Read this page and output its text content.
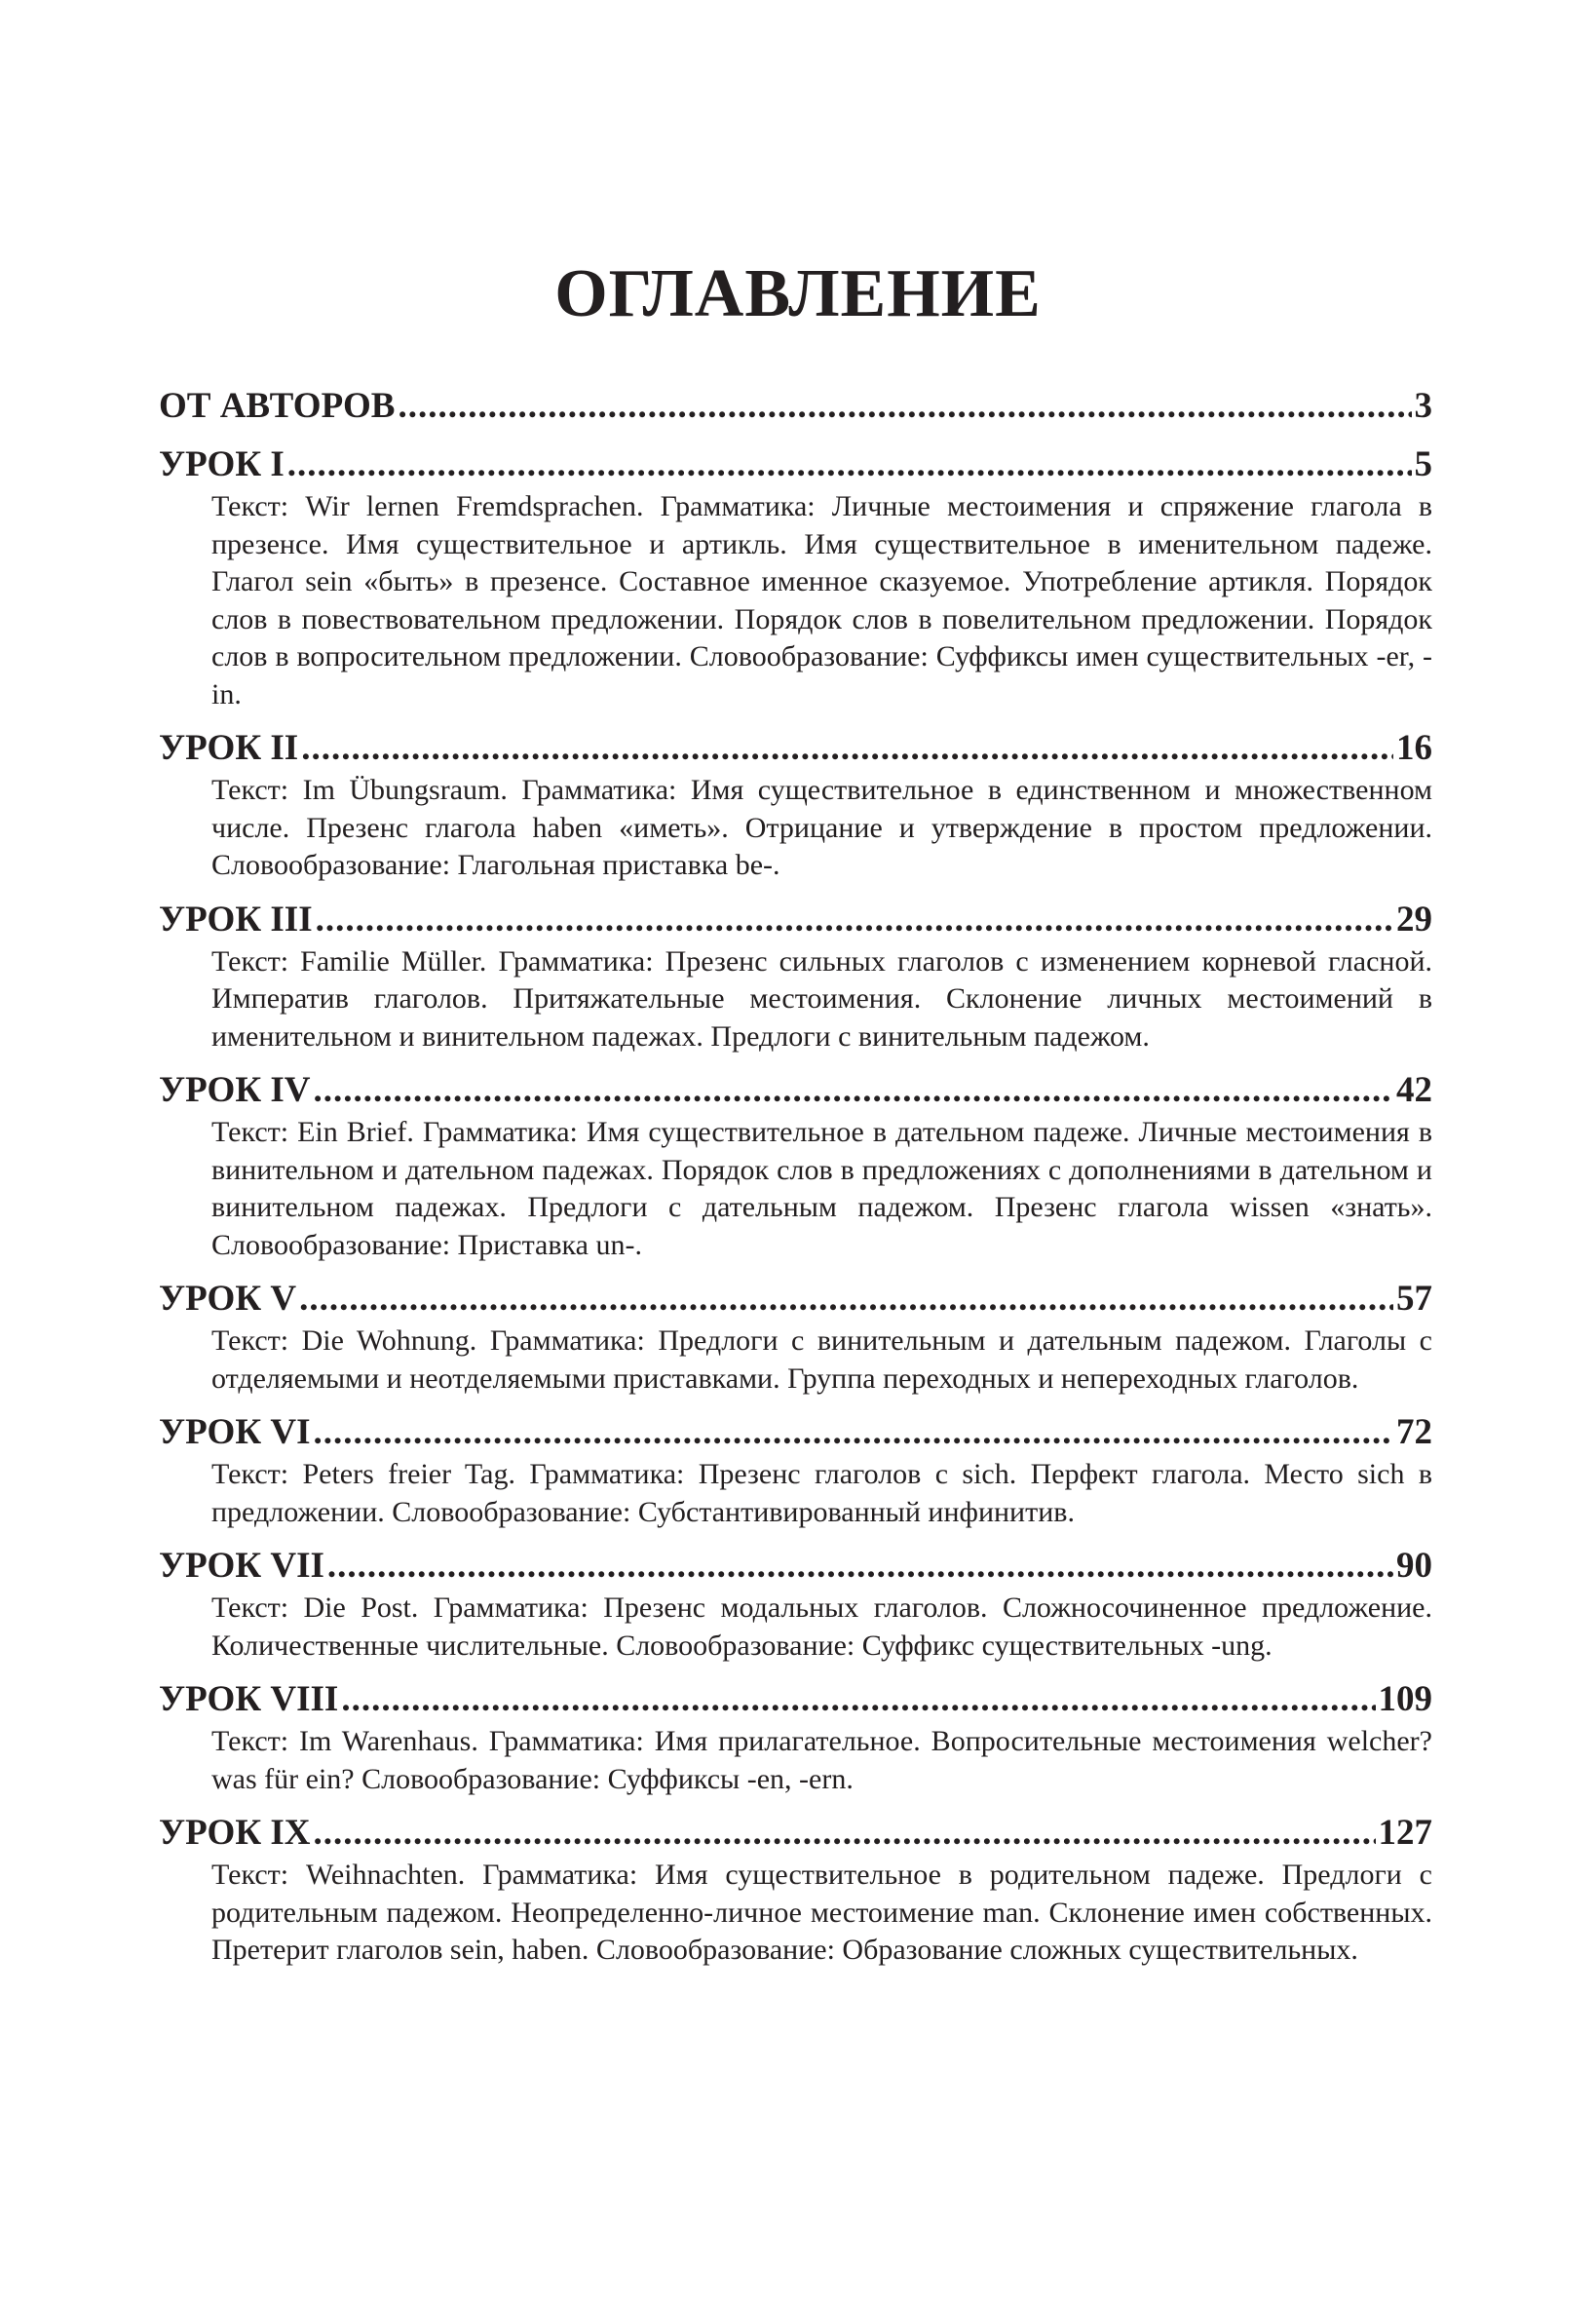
ОГЛАВЛЕНИЕ
ОТ АВТОРОВ .....	3
УРОК I .....	5
Текст: Wir lernen Fremdsprachen. Грамматика: Личные местоимения и спряжение глагола в презенсе. Имя существительное и артикль. Имя существительное в именительном падеже. Глагол sein «быть» в презенсе. Составное именное сказуемое. Употребление артикля. Порядок слов в повествовательном предложении. Порядок слов в повелительном предложении. Порядок слов в вопросительном предложении. Словообразование: Суффиксы имен существительных -er, -in.
УРОК II .....	16
Текст: Im Übungsraum. Грамматика: Имя существительное в единственном и множественном числе. Презенс глагола haben «иметь». Отрицание и утверждение в простом предложении. Словообразование: Глагольная приставка be-.
УРОК III .....	29
Текст: Familie Müller. Грамматика: Презенс сильных глаголов с изменением корневой гласной. Императив глаголов. Притяжательные местоимения. Склонение личных местоимений в именительном и винительном падежах. Предлоги с винительным падежом.
УРОК IV .....	42
Текст: Ein Brief. Грамматика: Имя существительное в дательном падеже. Личные местоимения в винительном и дательном падежах. Порядок слов в предложениях с дополнениями в дательном и винительном падежах. Предлоги с дательным падежом. Презенс глагола wissen «знать». Словообразование: Приставка un-.
УРОК V .....	57
Текст: Die Wohnung. Грамматика: Предлоги с винительным и дательным падежом. Глаголы с отделяемыми и неотделяемыми приставками. Группа переходных и непереходных глаголов.
УРОК VI .....	72
Текст: Peters freier Tag. Грамматика: Презенс глаголов с sich. Перфект глагола. Место sich в предложении. Словообразование: Субстантивированный инфинитив.
УРОК VII .....	90
Текст: Die Post. Грамматика: Презенс модальных глаголов. Сложносочиненное предложение. Количественные числительные. Словообразование: Суффикс существительных -ung.
УРОК VIII .....	109
Текст: Im Warenhaus. Грамматика: Имя прилагательное. Вопросительные местоимения welcher? was für ein? Словообразование: Суффиксы -en, -ern.
УРОК IX .....	127
Текст: Weihnachten. Грамматика: Имя существительное в родительном падеже. Предлоги с родительным падежом. Неопределенно-личное местоимение man. Склонение имен собственных. Претерит глаголов sein, haben. Словообразование: Образование сложных существительных.
